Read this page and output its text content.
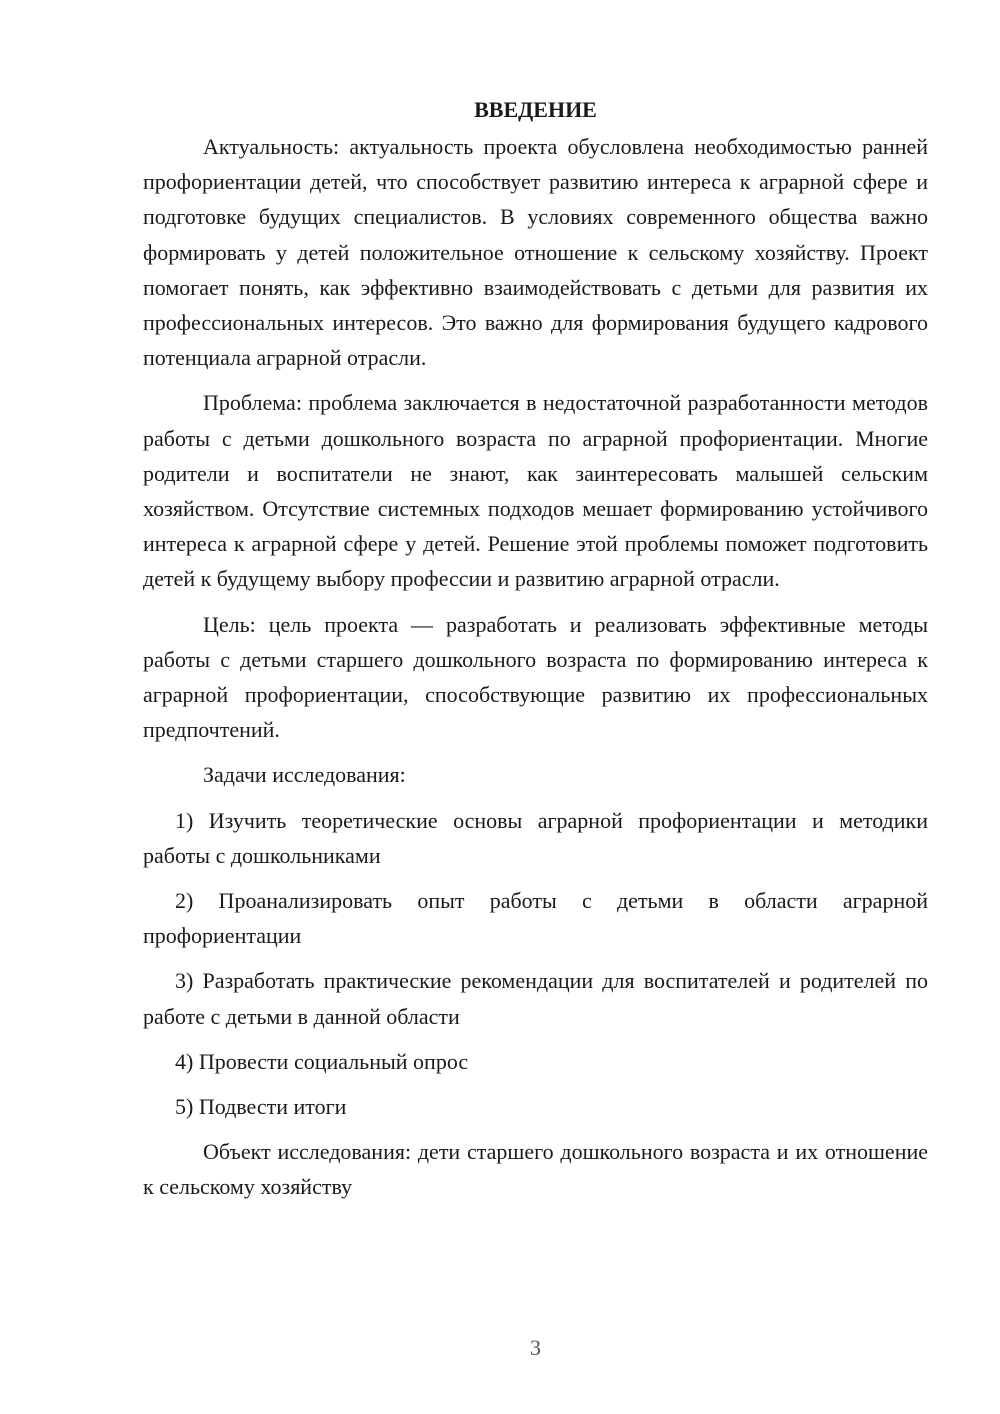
ВВЕДЕНИЕ

Актуальность: актуальность проекта обусловлена необходимостью ранней профориентации детей, что способствует развитию интереса к аграрной сфере и подготовке будущих специалистов. В условиях современного общества важно формировать у детей положительное отношение к сельскому хозяйству. Проект помогает понять, как эффективно взаимодействовать с детьми для развития их профессиональных интересов. Это важно для формирования будущего кадрового потенциала аграрной отрасли.

Проблема: проблема заключается в недостаточной разработанности методов работы с детьми дошкольного возраста по аграрной профориентации. Многие родители и воспитатели не знают, как заинтересовать малышей сельским хозяйством. Отсутствие системных подходов мешает формированию устойчивого интереса к аграрной сфере у детей. Решение этой проблемы поможет подготовить детей к будущему выбору профессии и развитию аграрной отрасли.

Цель: цель проекта — разработать и реализовать эффективные методы работы с детьми старшего дошкольного возраста по формированию интереса к аграрной профориентации, способствующие развитию их профессиональных предпочтений.

Задачи исследования:

1) Изучить теоретические основы аграрной профориентации и методики работы с дошкольниками

2) Проанализировать опыт работы с детьми в области аграрной профориентации

3) Разработать практические рекомендации для воспитателей и родителей по работе с детьми в данной области

4) Провести социальный опрос

5) Подвести итоги

Объект исследования: дети старшего дошкольного возраста и их отношение к сельскому хозяйству

3
